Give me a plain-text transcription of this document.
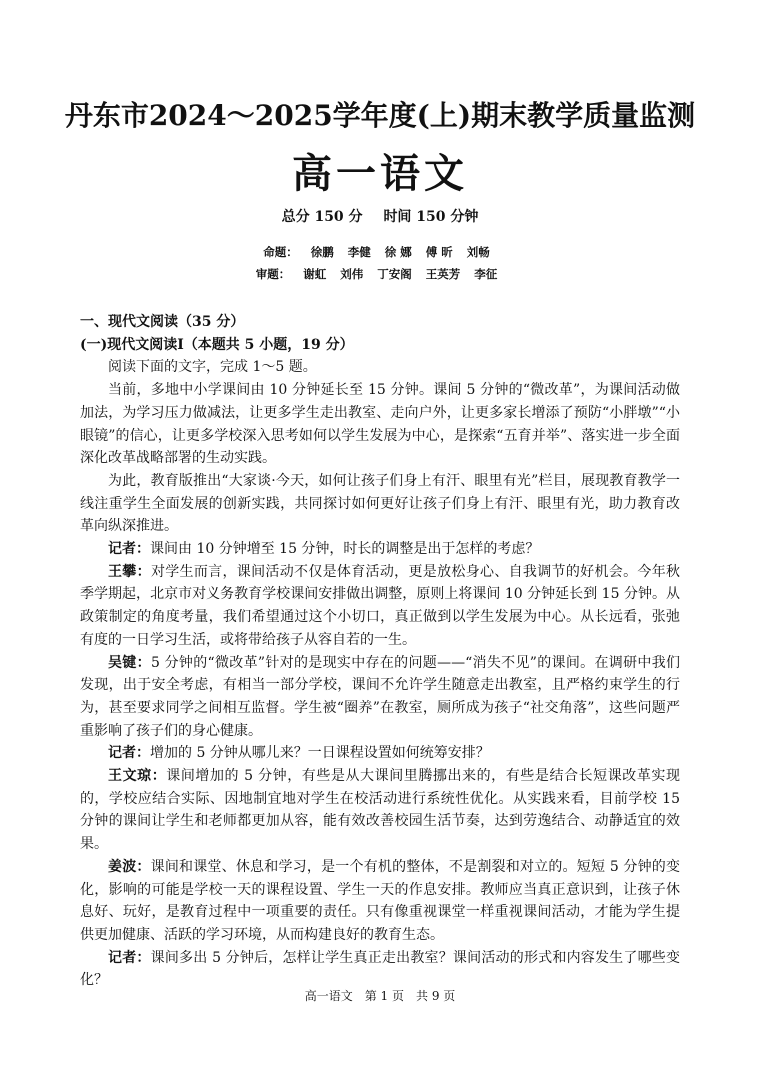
丹东市2024～2025学年度(上)期末教学质量监测
高一语文
总分 150 分 时间 150 分钟
命题： 徐鹏 李健 徐 娜 傅 昕 刘畅
审题： 谢虹 刘伟 丁安阁 王英芳 李征

一、现代文阅读（35 分）

(一)现代文阅读Ⅰ（本题共 5 小题，19 分）

阅读下面的文字，完成 1～5 题。

当前，多地中小学课间由 10 分钟延长至 15 分钟。课间 5 分钟的“微改革”，为课间活动做加法，为学习压力做减法，让更多学生走出教室、走向户外，让更多家长增添了预防“小胖墩”“小眼镜”的信心，让更多学校深入思考如何以学生发展为中心，是探索“五育并举”、落实进一步全面深化改革战略部署的生动实践。

为此，教育版推出“大家谈·今天，如何让孩子们身上有汗、眼里有光”栏目，展现教育教学一线注重学生全面发展的创新实践，共同探讨如何更好让孩子们身上有汗、眼里有光，助力教育改革向纵深推进。

记者：课间由 10 分钟增至 15 分钟，时长的调整是出于怎样的考虑？

王攀：对学生而言，课间活动不仅是体育活动，更是放松身心、自我调节的好机会。今年秋季学期起，北京市对义务教育学校课间安排做出调整，原则上将课间 10 分钟延长到 15 分钟。从政策制定的角度考量，我们希望通过这个小切口，真正做到以学生发展为中心。从长远看，张弛有度的一日学习生活，或将带给孩子从容自若的一生。

吴键：5 分钟的“微改革”针对的是现实中存在的问题——“消失不见”的课间。在调研中我们发现，出于安全考虑，有相当一部分学校，课间不允许学生随意走出教室，且严格约束学生的行为，甚至要求同学之间相互监督。学生被“圈养”在教室，厕所成为孩子“社交角落”，这些问题严重影响了孩子们的身心健康。

记者：增加的 5 分钟从哪儿来？一日课程设置如何统筹安排？

王文琼：课间增加的 5 分钟，有些是从大课间里腾挪出来的，有些是结合长短课改革实现的，学校应结合实际、因地制宜地对学生在校活动进行系统性优化。从实践来看，目前学校 15 分钟的课间让学生和老师都更加从容，能有效改善校园生活节奏，达到劳逸结合、动静适宜的效果。

姜波：课间和课堂、休息和学习，是一个有机的整体，不是割裂和对立的。短短 5 分钟的变化，影响的可能是学校一天的课程设置、学生一天的作息安排。教师应当真正意识到，让孩子休息好、玩好，是教育过程中一项重要的责任。只有像重视课堂一样重视课间活动，才能为学生提供更加健康、活跃的学习环境，从而构建良好的教育生态。

记者：课间多出 5 分钟后，怎样让学生真正走出教室？课间活动的形式和内容发生了哪些变化？

高一语文　第 1 页　共 9 页
